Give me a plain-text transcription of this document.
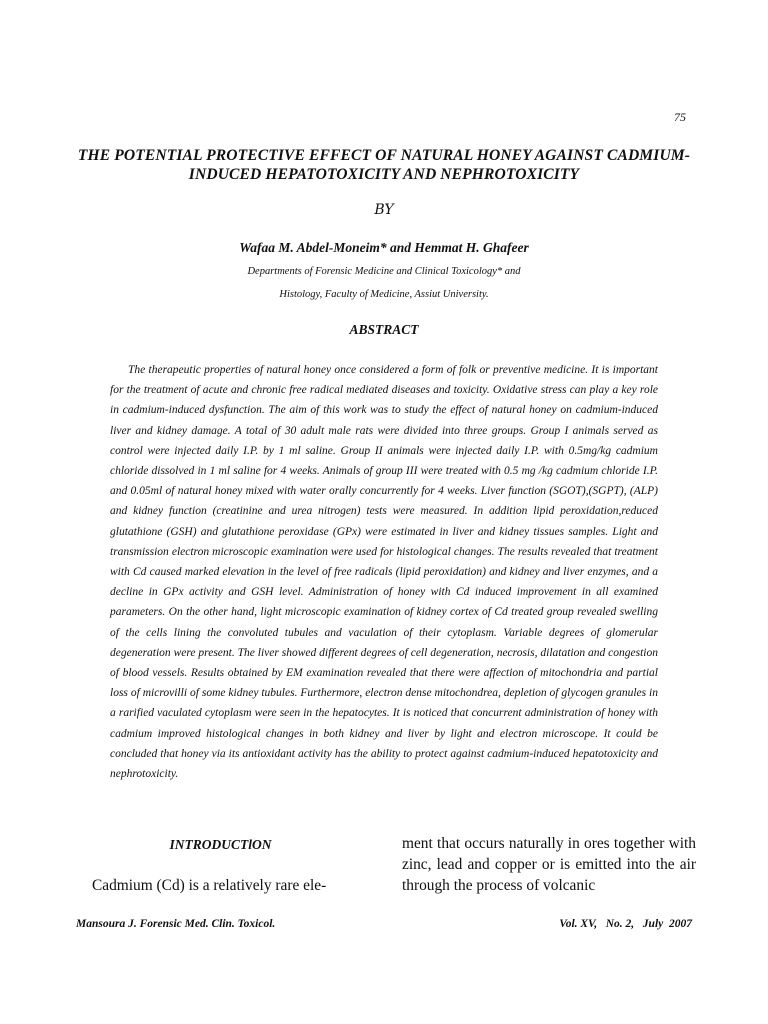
75
THE POTENTIAL PROTECTIVE EFFECT OF NATURAL HONEY AGAINST CADMIUM-INDUCED HEPATOTOXICITY AND NEPHROTOXICITY
BY
Wafaa M. Abdel-Moneim* and Hemmat H. Ghafeer
Departments of Forensic Medicine and Clinical Toxicology* and
Histology, Faculty of Medicine, Assiut University.
ABSTRACT

The therapeutic properties of natural honey once considered a form of folk or preventive medicine. It is important for the treatment of acute and chronic free radical mediated diseases and toxicity. Oxidative stress can play a key role in cadmium-induced dysfunction. The aim of this work was to study the effect of natural honey on cadmium-induced liver and kidney damage. A total of 30 adult male rats were divided into three groups. Group I animals served as control were injected daily I.P. by 1 ml saline. Group II animals were injected daily I.P. with 0.5mg/kg cadmium chloride dissolved in 1 ml saline for 4 weeks. Animals of group III were treated with 0.5 mg /kg cadmium chloride I.P. and 0.05ml of natural honey mixed with water orally concurrently for 4 weeks. Liver function (SGOT),(SGPT), (ALP) and kidney function (creatinine and urea nitrogen) tests were measured. In addition lipid peroxidation,reduced glutathione (GSH) and glutathione peroxidase (GPx) were estimated in liver and kidney tissues samples. Light and transmission electron microscopic examination were used for histological changes. The results revealed that treatment with Cd caused marked elevation in the level of free radicals (lipid peroxidation) and kidney and liver enzymes, and a decline in GPx activity and GSH level. Administration of honey with Cd induced improvement in all examined parameters. On the other hand, light microscopic examination of kidney cortex of Cd treated group revealed swelling of the cells lining the convoluted tubules and vaculation of their cytoplasm. Variable degrees of glomerular degeneration were present. The liver showed different degrees of cell degeneration, necrosis, dilatation and congestion of blood vessels. Results obtained by EM examination revealed that there were affection of mitochondria and partial loss of microvilli of some kidney tubules. Furthermore, electron dense mitochondrea, depletion of glycogen granules in a rarified vaculated cytoplasm were seen in the hepatocytes. It is noticed that concurrent administration of honey with cadmium improved histological changes in both kidney and liver by light and electron microscope. It could be concluded that honey via its antioxidant activity has the ability to protect against cadmium-induced hepatotoxicity and nephrotoxicity.

INTRODUCTlON

Cadmium (Cd) is a relatively rare ele-

ment that occurs naturally in ores together with zinc, lead and copper or is emitted into the air through the process of volcanic

Mansoura J. Forensic Med. Clin. Toxicol.	Vol. XV,   No. 2,   July  2007
